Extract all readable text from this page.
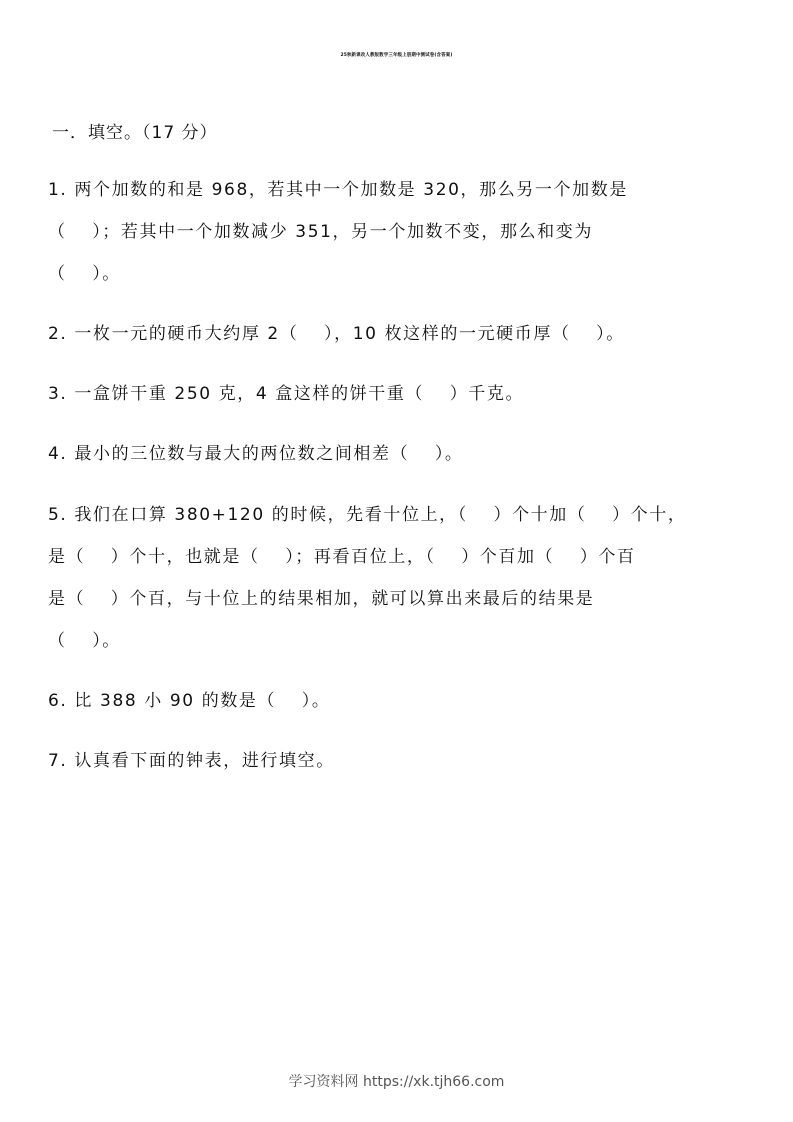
25秋新课改人教版数学三年级上册期中测试卷(含答案)
一．填空。（17 分）
1. 两个加数的和是 968，若其中一个加数是 320，那么另一个加数是
（　 ）；若其中一个加数减少 351，另一个加数不变，那么和变为
（　 ）。
2. 一枚一元的硬币大约厚 2（　 ），10 枚这样的一元硬币厚（　 ）。
3. 一盒饼干重 250 克，4 盒这样的饼干重（　 ）千克。
4. 最小的三位数与最大的两位数之间相差（　 ）。
5. 我们在口算 380+120 的时候，先看十位上，（　 ）个十加（　 ）个十，
是（　 ）个十，也就是（　 ）；再看百位上，（　 ）个百加（　 ）个百
是（　 ）个百，与十位上的结果相加，就可以算出来最后的结果是
（　 ）。
6. 比 388 小 90 的数是（　 ）。
7. 认真看下面的钟表，进行填空。
学习资料网 https://xk.tjh66.com
